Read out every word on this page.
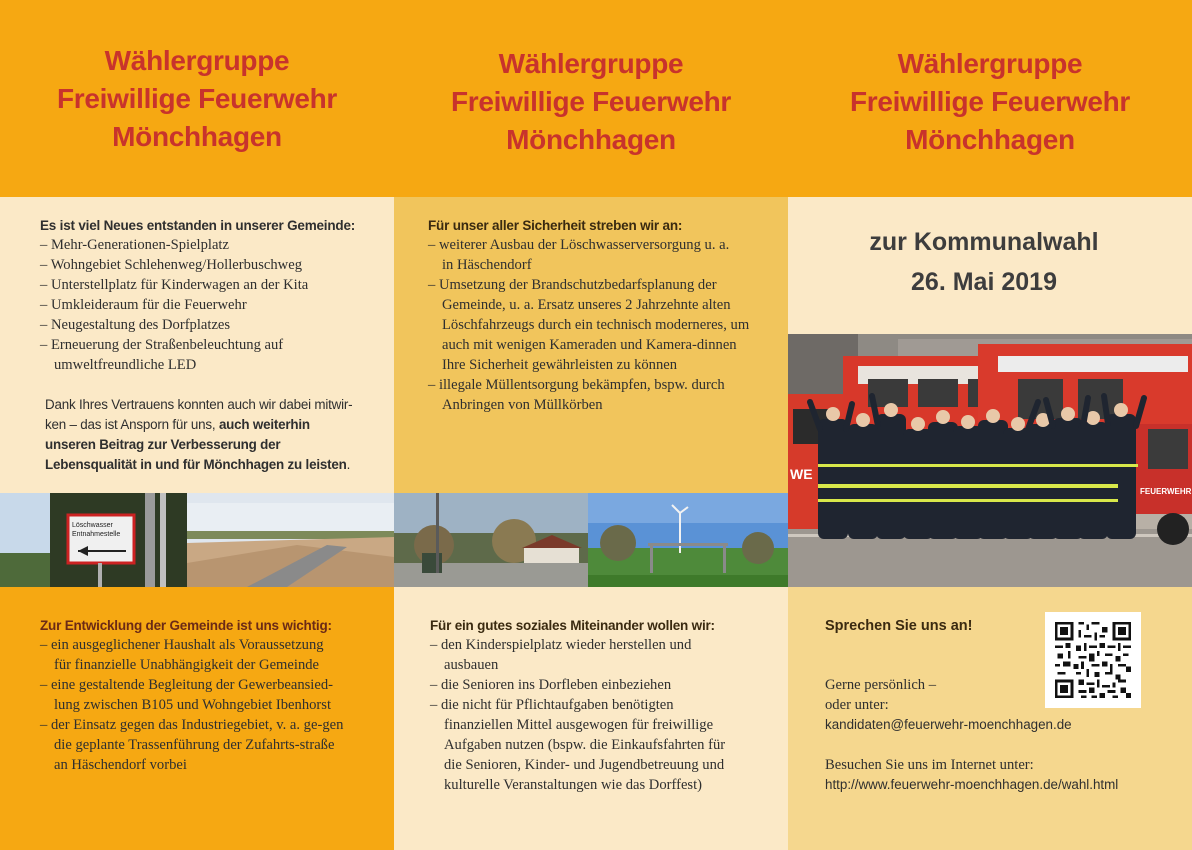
Wählergruppe
Freiwillige Feuerwehr
Mönchhagen
Wählergruppe
Freiwillige Feuerwehr
Mönchhagen
Wählergruppe
Freiwillige Feuerwehr
Mönchhagen
Es ist viel Neues entstanden in unserer Gemeinde:
– Mehr-Generationen-Spielplatz
– Wohngebiet Schlehenweg/Hollerbuschweg
– Unterstellplatz für Kinderwagen an der Kita
– Umkleideraum für die Feuerwehr
– Neugestaltung des Dorfplatzes
– Erneuerung der Straßenbeleuchtung auf umweltfreundliche LED
Dank Ihres Vertrauens konnten auch wir dabei mitwir-
ken – das ist Ansporn für uns, auch weiterhin
unseren Beitrag zur Verbesserung der
Lebensqualität in und für Mönchhagen zu leisten.
Für unser aller Sicherheit streben wir an:
– weiterer Ausbau der Löschwasserversorgung u. a. in Häschendorf
– Umsetzung der Brandschutzbedarfsplanung der Gemeinde, u. a. Ersatz unseres 2 Jahrzehnte alten Löschfahrzeugs durch ein technisch moderneres, um auch mit wenigen Kameraden und Kamera-dinnen Ihre Sicherheit gewährleisten zu können
– illegale Müllentsorgung bekämpfen, bspw. durch Anbringen von Müllkörben
zur Kommunalwahl
26. Mai 2019
WE
FEUERWEHR
Löschwasser
Entnahmestelle
Zur Entwicklung der Gemeinde ist uns wichtig:
– ein ausgeglichener Haushalt als Voraussetzung für finanzielle Unabhängigkeit der Gemeinde
– eine gestaltende Begleitung der Gewerbeansied-lung zwischen B105 und Wohngebiet Ibenhorst
– der Einsatz gegen das Industriegebiet, v. a. ge-gen die geplante Trassenführung der Zufahrts-straße an Häschendorf vorbei
Für ein gutes soziales Miteinander wollen wir:
– den Kinderspielplatz wieder herstellen und ausbauen
– die Senioren ins Dorfleben einbeziehen
– die nicht für Pflichtaufgaben benötigten finanziellen Mittel ausgewogen für freiwillige Aufgaben nutzen (bspw. die Einkaufsfahrten für die Senioren, Kinder- und Jugendbetreuung und kulturelle Veranstaltungen wie das Dorffest)
Sprechen Sie uns an!
Gerne persönlich –
oder unter:
kandidaten@feuerwehr-moenchhagen.de
Besuchen Sie uns im Internet unter:
http://www.feuerwehr-moenchhagen.de/wahl.html
